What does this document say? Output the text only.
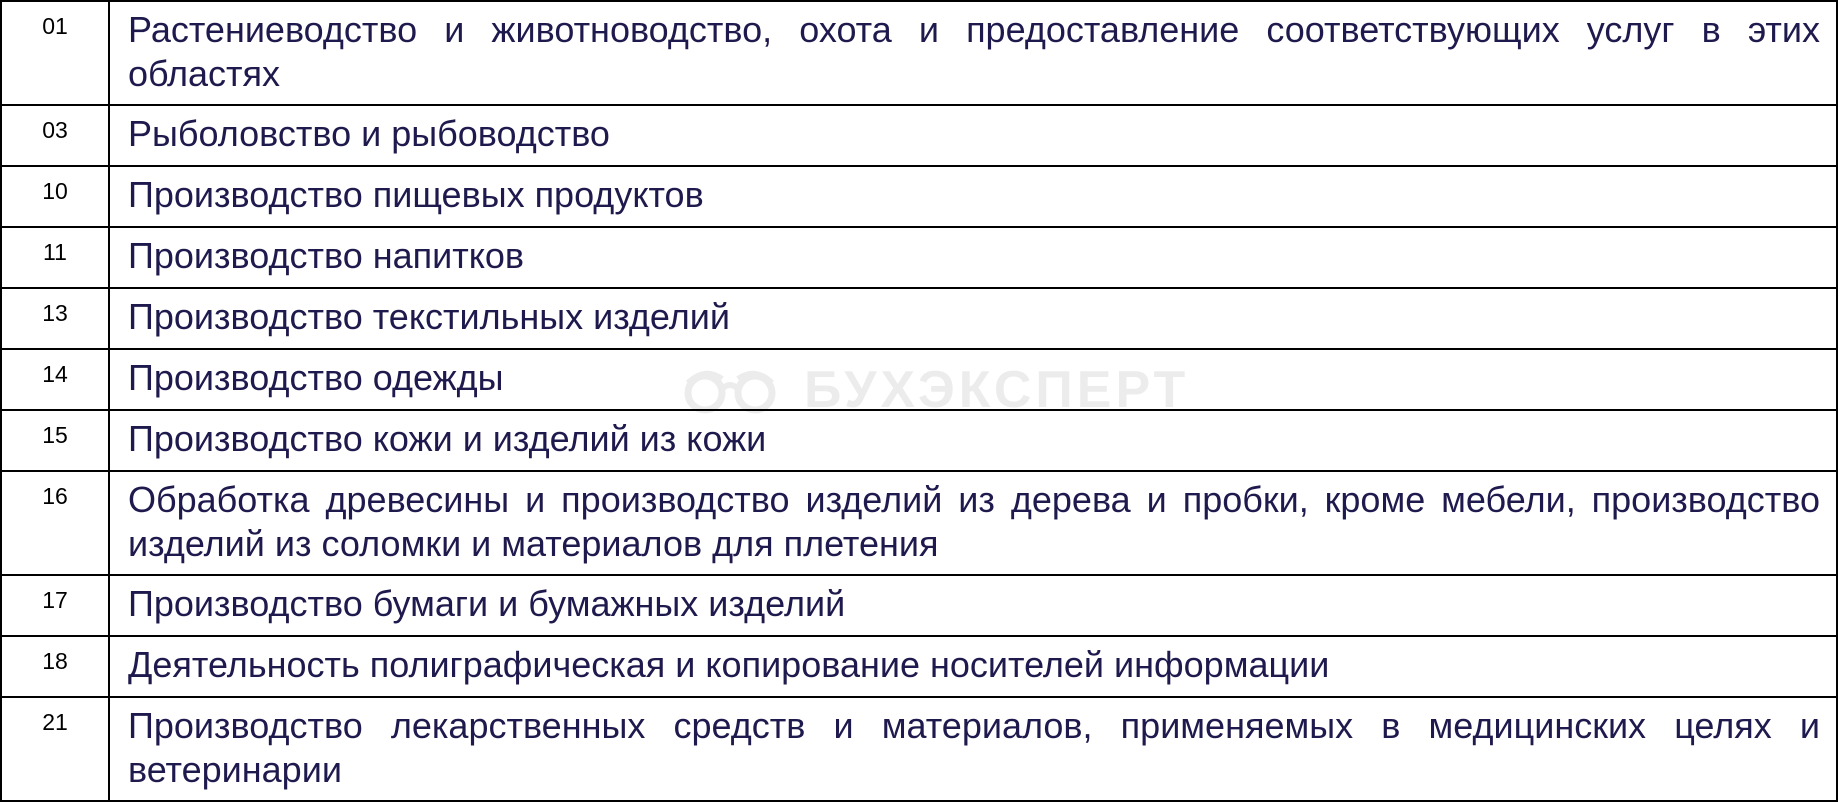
01	Растениеводство и животноводство, охота и предоставление соответствующих услуг в этих областях
03	Рыболовство и рыбоводство
10	Производство пищевых продуктов
11	Производство напитков
13	Производство текстильных изделий
14	Производство одежды
15	Производство кожи и изделий из кожи
16	Обработка древесины и производство изделий из дерева и пробки, кроме мебели, производство изделий из соломки и материалов для плетения
17	Производство бумаги и бумажных изделий
18	Деятельность полиграфическая и копирование носителей информации
21	Производство лекарственных средств и материалов, применяемых в медицинских целях и ветеринарии
БУХЭКСПЕРТ
